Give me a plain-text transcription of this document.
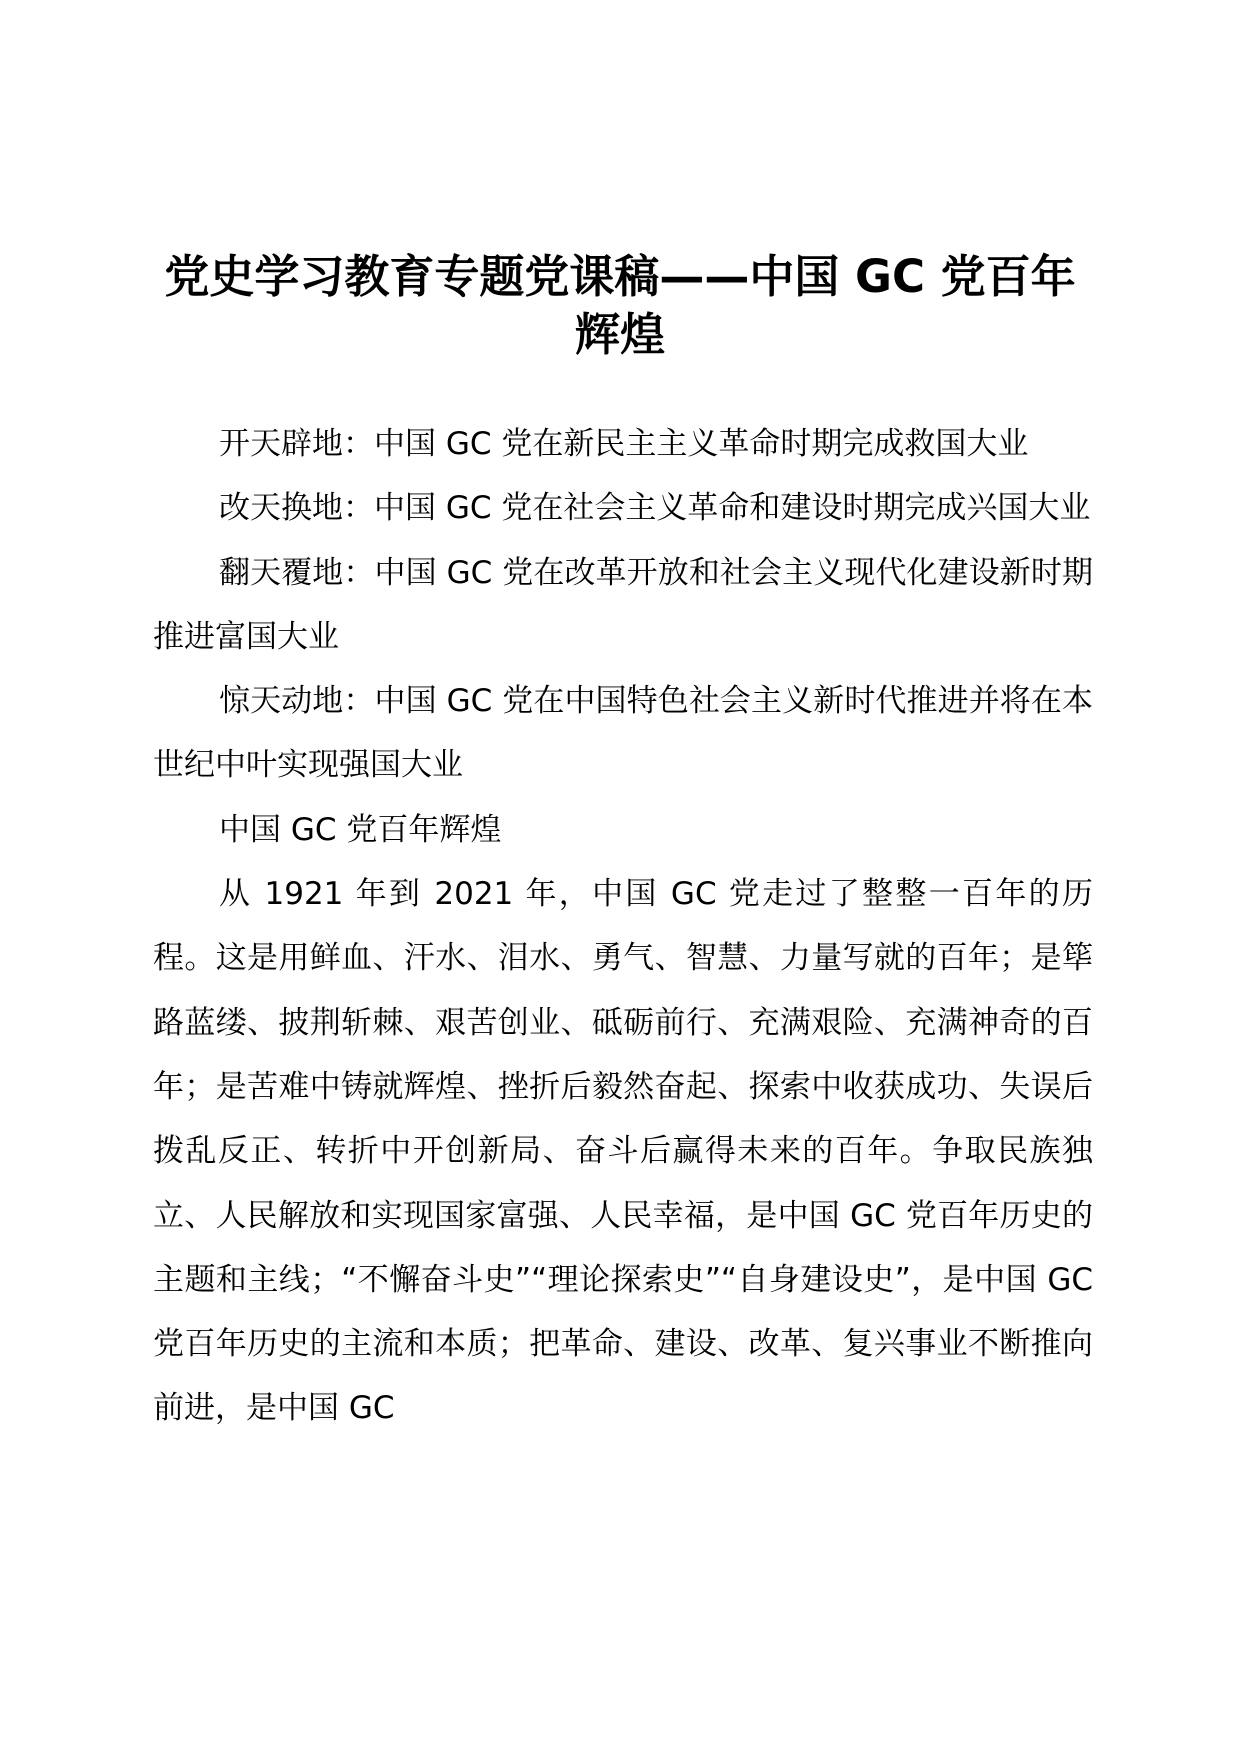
党史学习教育专题党课稿——中国 GC 党百年
辉煌

开天辟地：中国 GC 党在新民主主义革命时期完成救国大业

改天换地：中国 GC 党在社会主义革命和建设时期完成兴国大业

翻天覆地：中国 GC 党在改革开放和社会主义现代化建设新时期推进富国大业

惊天动地：中国 GC 党在中国特色社会主义新时代推进并将在本世纪中叶实现强国大业

中国 GC 党百年辉煌

从 1921 年到 2021 年，中国 GC 党走过了整整一百年的历程。这是用鲜血、汗水、泪水、勇气、智慧、力量写就的百年；是筚路蓝缕、披荆斩棘、艰苦创业、砥砺前行、充满艰险、充满神奇的百年；是苦难中铸就辉煌、挫折后毅然奋起、探索中收获成功、失误后拨乱反正、转折中开创新局、奋斗后赢得未来的百年。争取民族独立、人民解放和实现国家富强、人民幸福，是中国 GC 党百年历史的主题和主线；“不懈奋斗史”“理论探索史”“自身建设史”，是中国 GC 党百年历史的主流和本质；把革命、建设、改革、复兴事业不断推向前进，是中国 GC
